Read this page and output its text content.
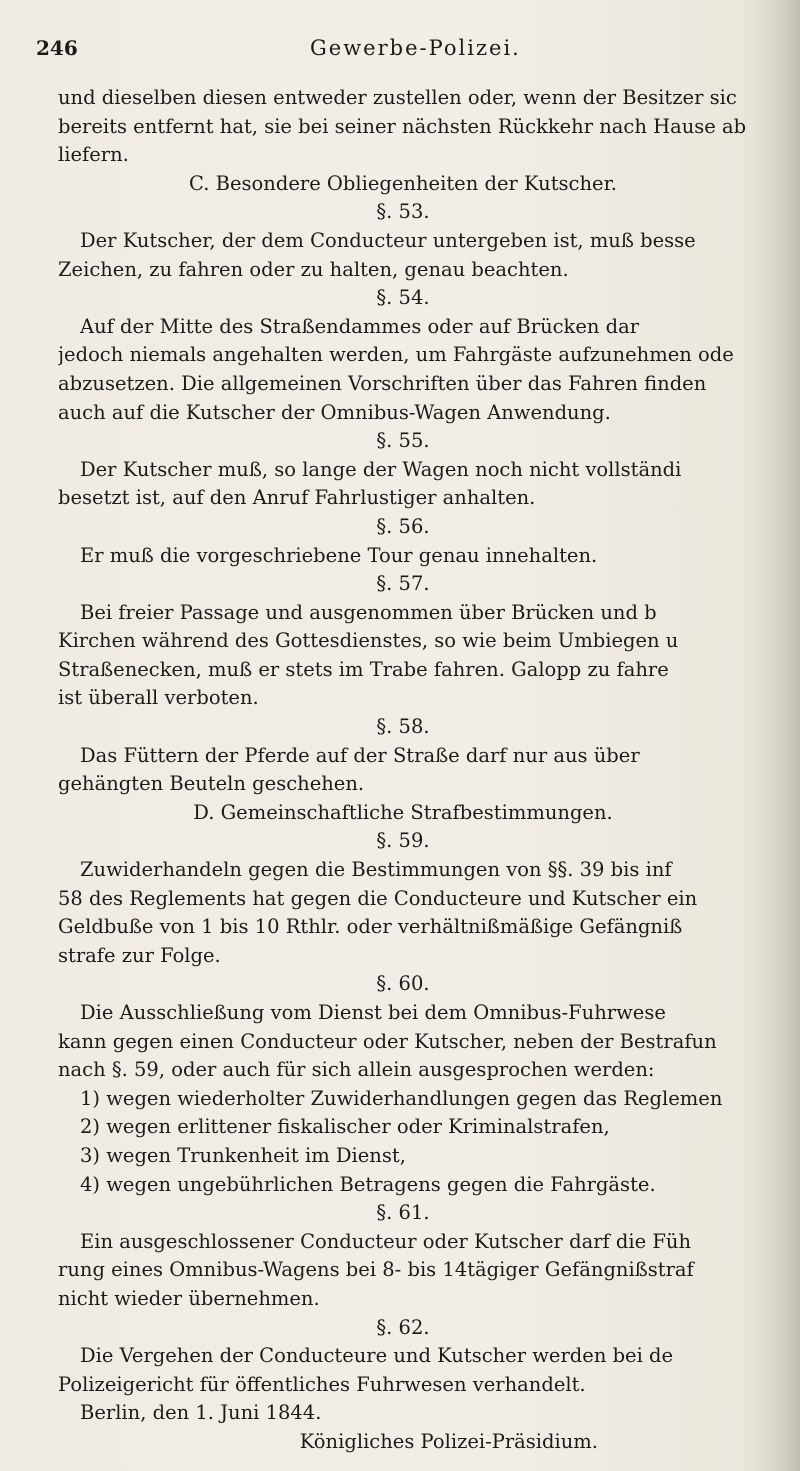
246	Gewerbe-Polizei.
und dieselben diesen entweder zustellen oder, wenn der Besitzer sic
bereits entfernt hat, sie bei seiner nächsten Rückkehr nach Hause ab
liefern.
C. Besondere Obliegenheiten der Kutscher.
§. 53.
Der Kutscher, der dem Conducteur untergeben ist, muß besse
Zeichen, zu fahren oder zu halten, genau beachten.
§. 54.
Auf der Mitte des Straßendammes oder auf Brücken dar
jedoch niemals angehalten werden, um Fahrgäste aufzunehmen ode
abzusetzen. Die allgemeinen Vorschriften über das Fahren finden
auch auf die Kutscher der Omnibus-Wagen Anwendung.
§. 55.
Der Kutscher muß, so lange der Wagen noch nicht vollständi
besetzt ist, auf den Anruf Fahrlustiger anhalten.
§. 56.
Er muß die vorgeschriebene Tour genau innehalten.
§. 57.
Bei freier Passage und ausgenommen über Brücken und b
Kirchen während des Gottesdienstes, so wie beim Umbiegen u
Straßenecken, muß er stets im Trabe fahren. Galopp zu fahre
ist überall verboten.
§. 58.
Das Füttern der Pferde auf der Straße darf nur aus über
gehängten Beuteln geschehen.
D. Gemeinschaftliche Strafbestimmungen.
§. 59.
Zuwiderhandeln gegen die Bestimmungen von §§. 39 bis inf
58 des Reglements hat gegen die Conducteure und Kutscher ein
Geldbuße von 1 bis 10 Rthlr. oder verhältnißmäßige Gefängniß
strafe zur Folge.
§. 60.
Die Ausschließung vom Dienst bei dem Omnibus-Fuhrwese
kann gegen einen Conducteur oder Kutscher, neben der Bestrafun
nach §. 59, oder auch für sich allein ausgesprochen werden:
1) wegen wiederholter Zuwiderhandlungen gegen das Reglemen
2) wegen erlittener fiskalischer oder Kriminalstrafen,
3) wegen Trunkenheit im Dienst,
4) wegen ungebührlichen Betragens gegen die Fahrgäste.
§. 61.
Ein ausgeschlossener Conducteur oder Kutscher darf die Füh
rung eines Omnibus-Wagens bei 8- bis 14tägiger Gefängnißstraf
nicht wieder übernehmen.
§. 62.
Die Vergehen der Conducteure und Kutscher werden bei de
Polizeigericht für öffentliches Fuhrwesen verhandelt.
Berlin, den 1. Juni 1844.
Königliches Polizei-Präsidium.
